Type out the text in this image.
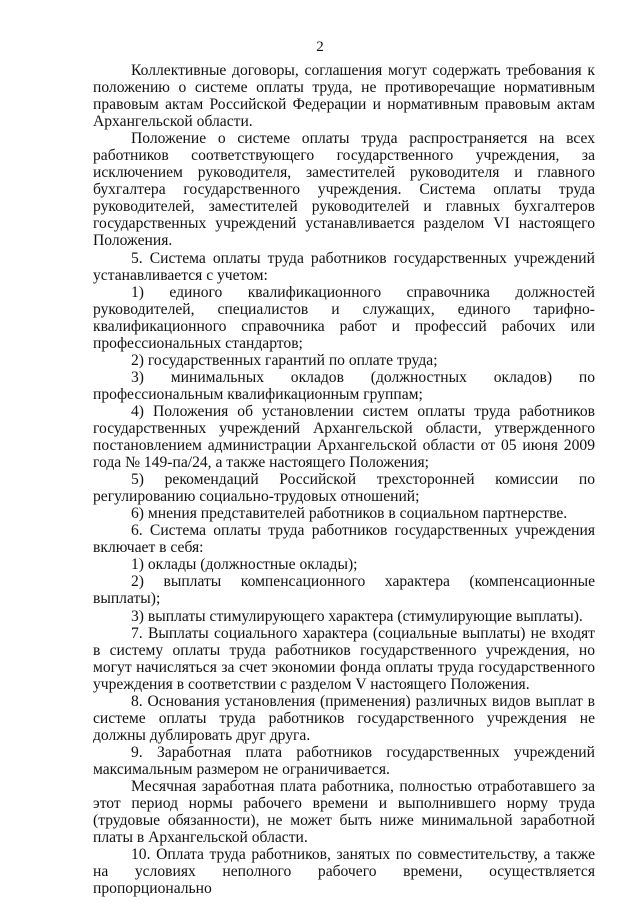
2

Коллективные договоры, соглашения могут содержать требования к положению о системе оплаты труда, не противоречащие нормативным правовым актам Российской Федерации и нормативным правовым актам Архангельской области.

Положение о системе оплаты труда распространяется на всех работников соответствующего государственного учреждения, за исключением руководителя, заместителей руководителя и главного бухгалтера государственного учреждения. Система оплаты труда руководителей, заместителей руководителей и главных бухгалтеров государственных учреждений устанавливается разделом VI настоящего Положения.

5. Система оплаты труда работников государственных учреждений устанавливается с учетом:

1) единого квалификационного справочника должностей руководителей, специалистов и служащих, единого тарифно-квалификационного справочника работ и профессий рабочих или профессиональных стандартов;

2) государственных гарантий по оплате труда;

3) минимальных окладов (должностных окладов) по профессиональным квалификационным группам;

4) Положения об установлении систем оплаты труда работников государственных учреждений Архангельской области, утвержденного постановлением администрации Архангельской области от 05 июня 2009 года № 149-па/24, а также настоящего Положения;

5) рекомендаций Российской трехсторонней комиссии по регулированию социально-трудовых отношений;

6) мнения представителей работников в социальном партнерстве.

6. Система оплаты труда работников государственных учреждения включает в себя:

1) оклады (должностные оклады);

2) выплаты компенсационного характера (компенсационные выплаты);

3) выплаты стимулирующего характера (стимулирующие выплаты).

7. Выплаты социального характера (социальные выплаты) не входят в систему оплаты труда работников государственного учреждения, но могут начисляться за счет экономии фонда оплаты труда государственного учреждения в соответствии с разделом V настоящего Положения.

8. Основания установления (применения) различных видов выплат в системе оплаты труда работников государственного учреждения не должны дублировать друг друга.

9. Заработная плата работников государственных учреждений максимальным размером не ограничивается.

Месячная заработная плата работника, полностью отработавшего за этот период нормы рабочего времени и выполнившего норму труда (трудовые обязанности), не может быть ниже минимальной заработной платы в Архангельской области.

10. Оплата труда работников, занятых по совместительству, а также на условиях неполного рабочего времени, осуществляется пропорционально
